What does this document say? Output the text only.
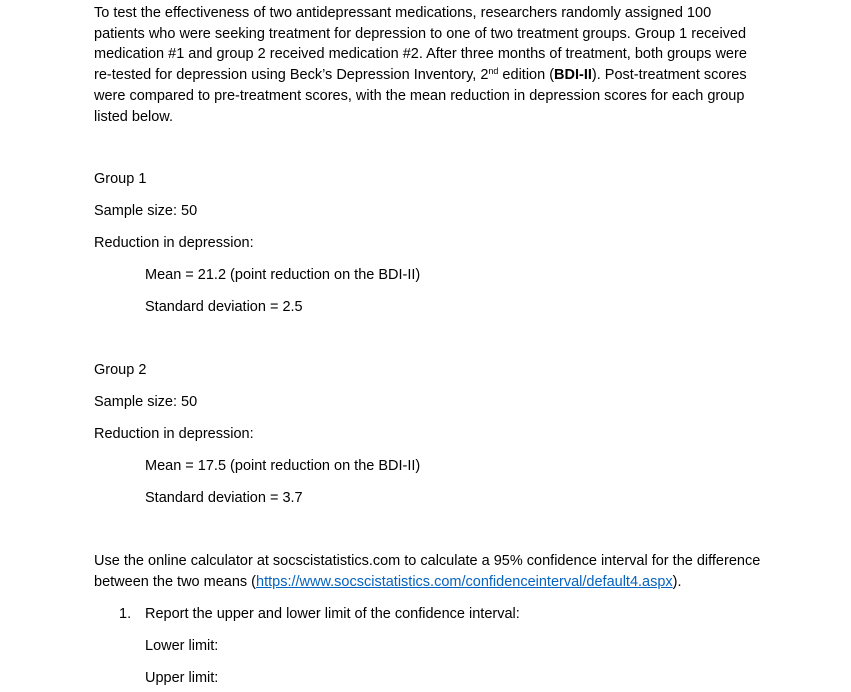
To test the effectiveness of two antidepressant medications, researchers randomly assigned 100 patients who were seeking treatment for depression to one of two treatment groups. Group 1 received medication #1 and group 2 received medication #2. After three months of treatment, both groups were re-tested for depression using Beck’s Depression Inventory, 2nd edition (BDI-II). Post-treatment scores were compared to pre-treatment scores, with the mean reduction in depression scores for each group listed below.

Group 1
Sample size: 50
Reduction in depression:
Mean = 21.2 (point reduction on the BDI-II)
Standard deviation = 2.5
Group 2
Sample size: 50
Reduction in depression:
Mean = 17.5 (point reduction on the BDI-II)
Standard deviation = 3.7

Use the online calculator at socscistatistics.com to calculate a 95% confidence interval for the difference between the two means (https://www.socscistatistics.com/confidenceinterval/default4.aspx).

1. Report the upper and lower limit of the confidence interval:
Lower limit:
Upper limit:
